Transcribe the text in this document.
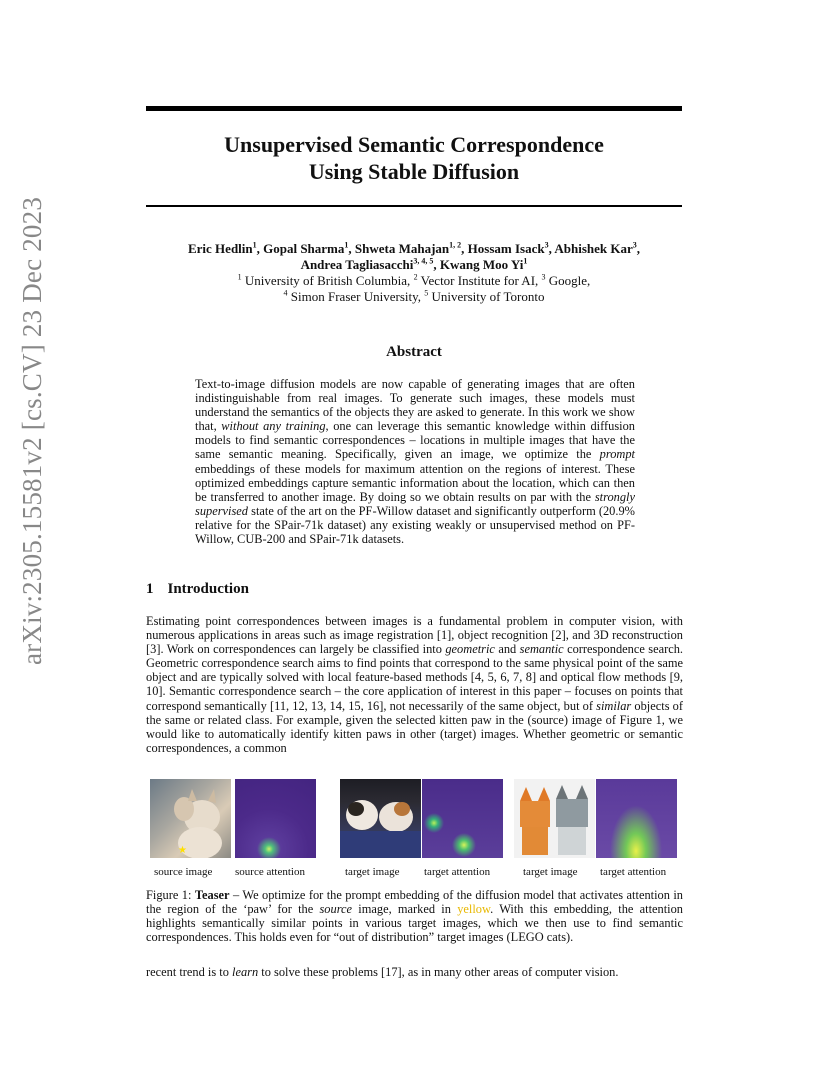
arXiv:2305.15581v2 [cs.CV] 23 Dec 2023
Unsupervised Semantic Correspondence
Using Stable Diffusion
Eric Hedlin$^1$, Gopal Sharma$^1$, Shweta Mahajan$^{1, 2}$, Hossam Isack$^3$, Abhishek Kar$^3$,
Andrea Tagliasacchi$^{3, 4, 5}$, Kwang Moo Yi$^1$
$^1$ University of British Columbia, $^2$ Vector Institute for AI, $^3$ Google,
$^4$ Simon Fraser University, $^5$ University of Toronto
Abstract
Text-to-image diffusion models are now capable of generating images that are often indistinguishable from real images. To generate such images, these models must understand the semantics of the objects they are asked to generate. In this work we show that, without any training, one can leverage this semantic knowledge within diffusion models to find semantic correspondences – locations in multiple images that have the same semantic meaning. Specifically, given an image, we optimize the prompt embeddings of these models for maximum attention on the regions of interest. These optimized embeddings capture semantic information about the location, which can then be transferred to another image. By doing so we obtain results on par with the strongly supervised state of the art on the PF-Willow dataset and significantly outperform (20.9% relative for the SPair-71k dataset) any existing weakly or unsupervised method on PF-Willow, CUB-200 and SPair-71k datasets.
1 Introduction
Estimating point correspondences between images is a fundamental problem in computer vision, with numerous applications in areas such as image registration [1], object recognition [2], and 3D reconstruction [3]. Work on correspondences can largely be classified into geometric and semantic correspondence search. Geometric correspondence search aims to find points that correspond to the same physical point of the same object and are typically solved with local feature-based methods [4, 5, 6, 7, 8] and optical flow methods [9, 10]. Semantic correspondence search – the core application of interest in this paper – focuses on points that correspond semantically [11, 12, 13, 14, 15, 16], not necessarily of the same object, but of similar objects of the same or related class. For example, given the selected kitten paw in the (source) image of Figure 1, we would like to automatically identify kitten paws in other (target) images. Whether geometric or semantic correspondences, a common
★
source image source attention	target image target attention	target image target attention
Figure 1: Teaser – We optimize for the prompt embedding of the diffusion model that activates attention in the region of the ‘paw’ for the source image, marked in yellow. With this embedding, the attention highlights semantically similar points in various target images, which we then use to find semantic correspondences. This holds even for “out of distribution” target images (LEGO cats).
recent trend is to learn to solve these problems [17], as in many other areas of computer vision.
